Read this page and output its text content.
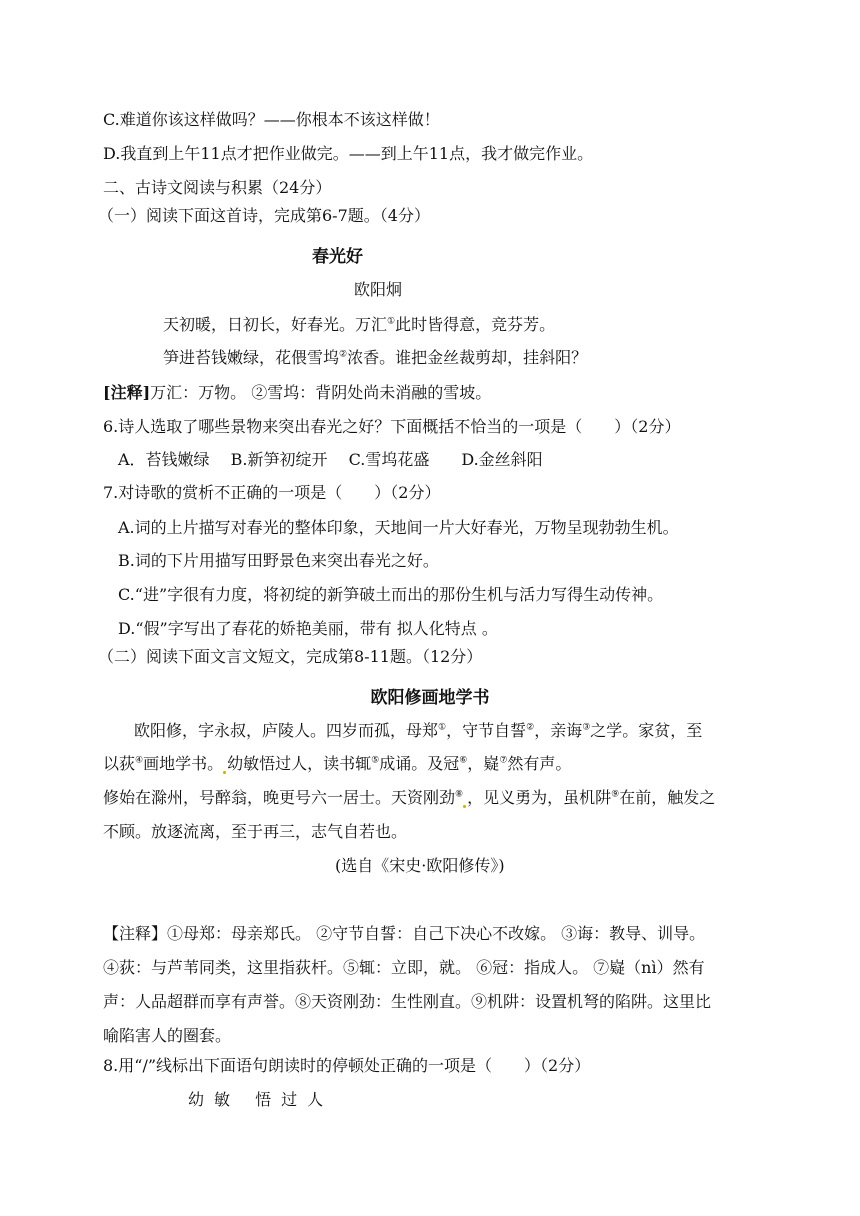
C.难道你该这样做吗？——你根本不该这样做！
D.我直到上午11点才把作业做完。——到上午11点，我才做完作业。
二、古诗文阅读与积累（24分）
（一）阅读下面这首诗，完成第6-7题。（4分）
春光好
欧阳炯
天初暖，日初长，好春光。万汇①此时皆得意，竞芬芳。
笋进苔钱嫩绿，花偎雪坞②浓香。谁把金丝裁剪却，挂斜阳？
[注释]万汇：万物。 ②雪坞：背阴处尚未消融的雪坡。
6.诗人选取了哪些景物来突出春光之好？下面概括不恰当的一项是（　　）（2分）
A．苔钱嫩绿　 B.新笋初绽开　 C.雪坞花盛　　D.金丝斜阳
7.对诗歌的赏析不正确的一项是（　　）（2分）
A.词的上片描写对春光的整体印象，天地间一片大好春光，万物呈现勃勃生机。
B.词的下片用描写田野景色来突出春光之好。
C.“进”字很有力度，将初绽的新笋破土而出的那份生机与活力写得生动传神。
D.“假”字写出了春花的娇艳美丽，带有 拟人化特点 。
（二）阅读下面文言文短文，完成第8-11题。（12分）
欧阳修画地学书
欧阳修，字永叔，庐陵人。四岁而孤，母郑①，守节自誓②，亲诲③之学。家贫，至
以荻④画地学书。 幼敏悟过人，读书辄⑤成诵。及冠⑥，嶷⑦然有声。
修始在滁州，号醉翁，晚更号六一居士。天资刚劲⑧ ，见义勇为，虽机阱⑨在前，触发之
不顾。放逐流离，至于再三，志气自若也。
(选自《宋史·欧阳修传》)
【注释】①母郑：母亲郑氏。 ②守节自誓：自己下决心不改嫁。 ③诲：教导、训导。
④荻：与芦苇同类，这里指荻杆。⑤辄：立即，就。 ⑥冠：指成人。 ⑦嶷（nì）然有
声：人品超群而享有声誉。⑧天资刚劲：生性刚直。⑨机阱：设置机弩的陷阱。这里比
喻陷害人的圈套。
8.用“/”线标出下面语句朗读时的停顿处正确的一项是（　　）（2分）
幼敏 悟过人
